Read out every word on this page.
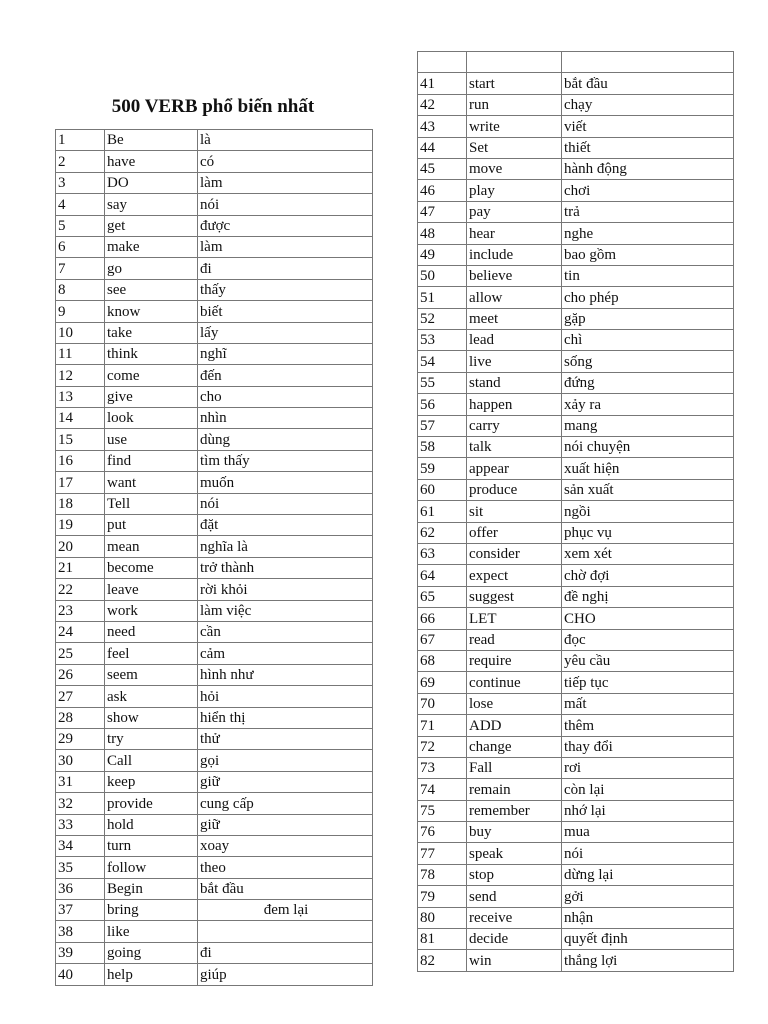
500 VERB phổ biến nhất
1	Be	là
2	have	có
3	DO	làm
4	say	nói
5	get	được
6	make	làm
7	go	đi
8	see	thấy
9	know	biết
10	take	lấy
11	think	nghĩ
12	come	đến
13	give	cho
14	look	nhìn
15	use	dùng
16	find	tìm thấy
17	want	muốn
18	Tell	nói
19	put	đặt
20	mean	nghĩa là
21	become	trở thành
22	leave	rời khỏi
23	work	làm việc
24	need	cần
25	feel	cảm
26	seem	hình như
27	ask	hỏi
28	show	hiển thị
29	try	thử
30	Call	gọi
31	keep	giữ
32	provide	cung cấp
33	hold	giữ
34	turn	xoay
35	follow	theo
36	Begin	bắt đầu
37	bring	đem lại
38	like	
39	going	đi
40	help	giúp

41	start	bắt đầu
42	run	chạy
43	write	viết
44	Set	thiết
45	move	hành động
46	play	chơi
47	pay	trả
48	hear	nghe
49	include	bao gồm
50	believe	tin
51	allow	cho phép
52	meet	gặp
53	lead	chì
54	live	sống
55	stand	đứng
56	happen	xảy ra
57	carry	mang
58	talk	nói chuyện
59	appear	xuất hiện
60	produce	sản xuất
61	sit	ngồi
62	offer	phục vụ
63	consider	xem xét
64	expect	chờ đợi
65	suggest	đề nghị
66	LET	CHO
67	read	đọc
68	require	yêu cầu
69	continue	tiếp tục
70	lose	mất
71	ADD	thêm
72	change	thay đổi
73	Fall	rơi
74	remain	còn lại
75	remember	nhớ lại
76	buy	mua
77	speak	nói
78	stop	dừng lại
79	send	gởi
80	receive	nhận
81	decide	quyết định
82	win	thắng lợi
